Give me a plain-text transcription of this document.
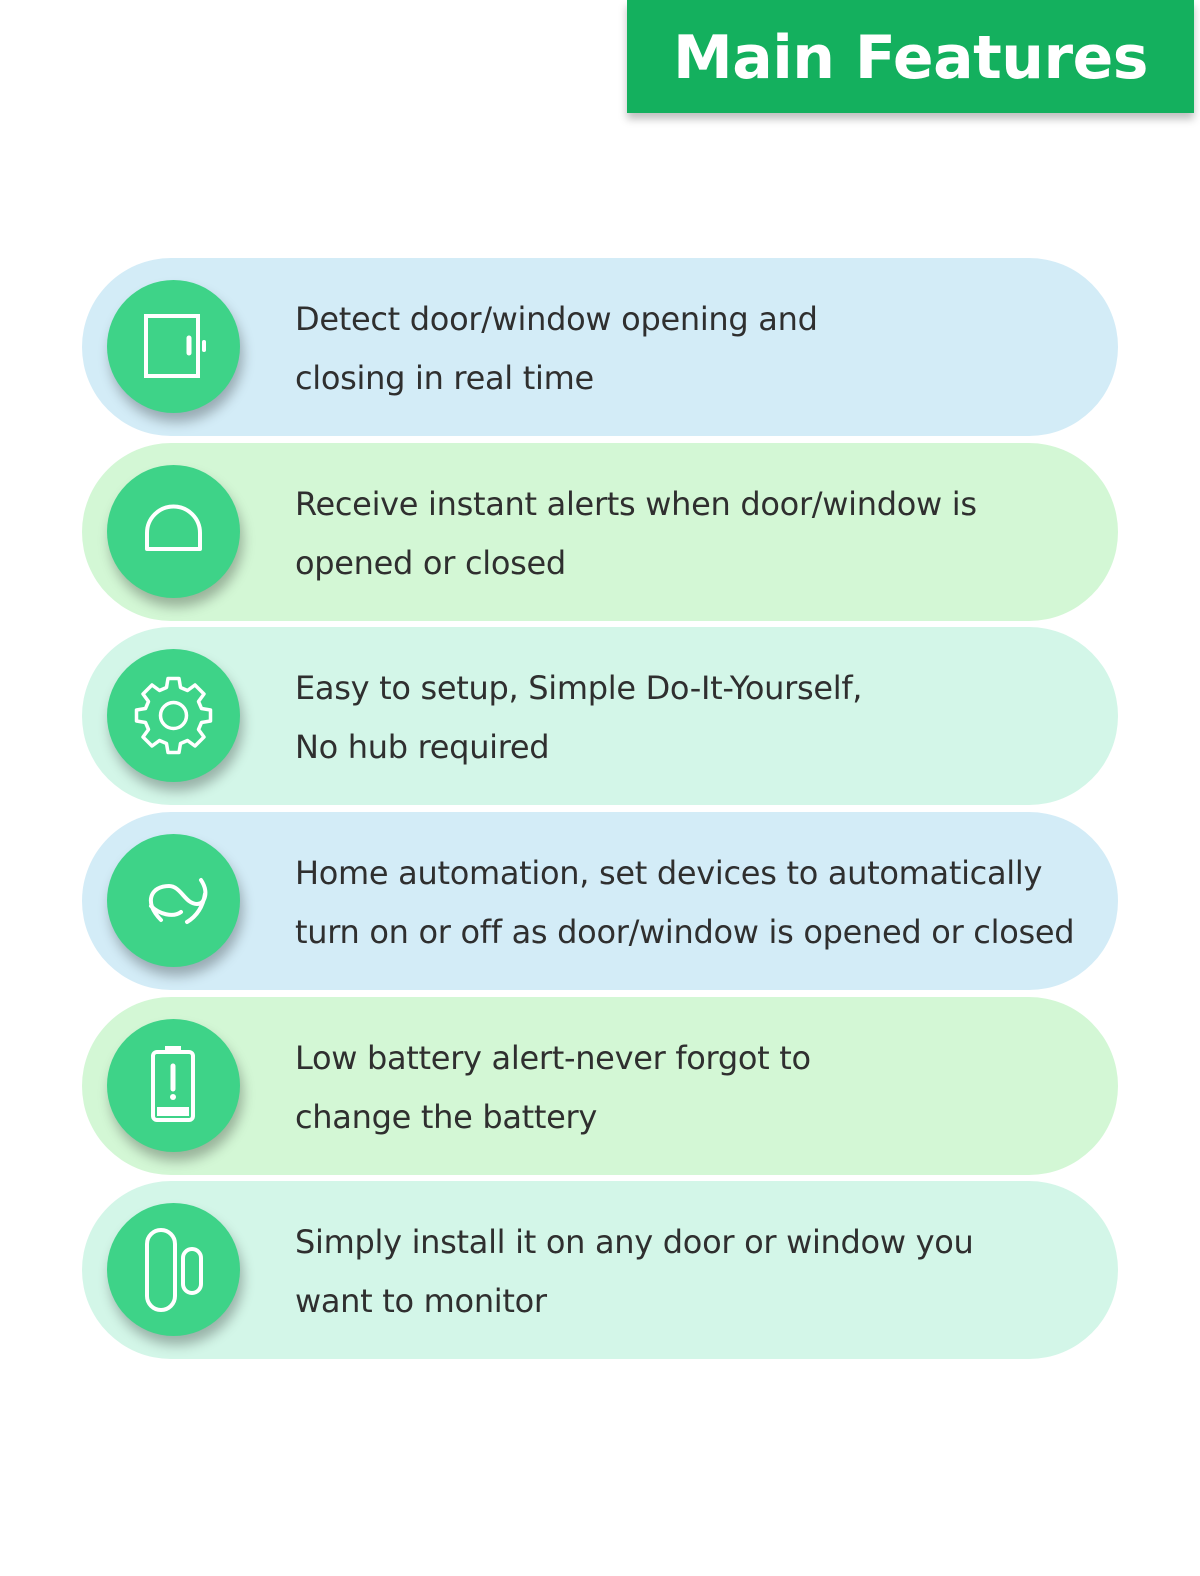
Main Features
Detect door/window opening and
closing in real time
Receive instant alerts when door/window is
opened or closed
Easy to setup, Simple Do-It-Yourself,
No hub required
Home automation, set devices to automatically
turn on or off as door/window is opened or closed
Low battery alert-never forgot to
change the battery
Simply install it on any door or window you
want to monitor
